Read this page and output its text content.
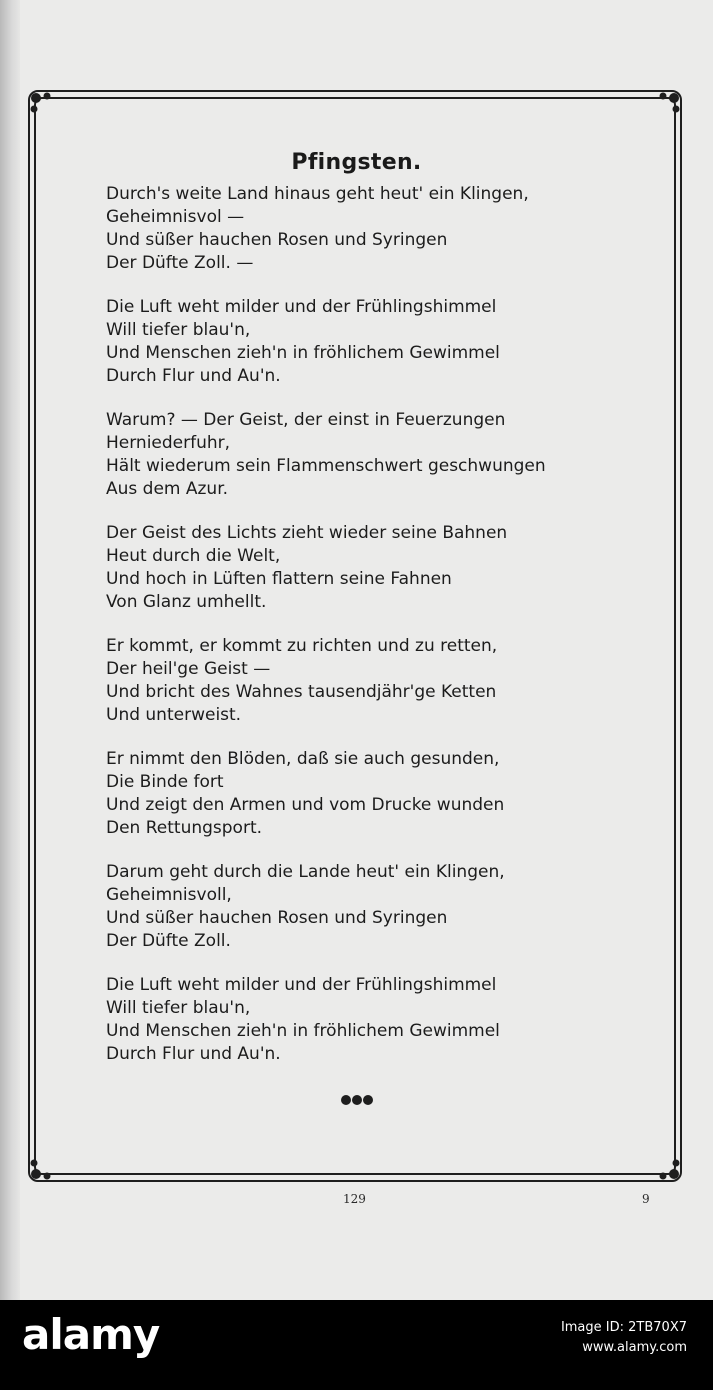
Pfingsten.
Durch's weite Land hinaus geht heut' ein Klingen,
Geheimnisvol —
Und süßer hauchen Rosen und Syringen
Der Düfte Zoll. —
Die Luft weht milder und der Frühlingshimmel
Will tiefer blau'n,
Und Menschen zieh'n in fröhlichem Gewimmel
Durch Flur und Au'n.
Warum? — Der Geist, der einst in Feuerzungen
Herniederfuhr,
Hält wiederum sein Flammenschwert geschwungen
Aus dem Azur.
Der Geist des Lichts zieht wieder seine Bahnen
Heut durch die Welt,
Und hoch in Lüften flattern seine Fahnen
Von Glanz umhellt.
Er kommt, er kommt zu richten und zu retten,
Der heil'ge Geist —
Und bricht des Wahnes tausendjähr'ge Ketten
Und unterweist.
Er nimmt den Blöden, daß sie auch gesunden,
Die Binde fort
Und zeigt den Armen und vom Drucke wunden
Den Rettungsport.
Darum geht durch die Lande heut' ein Klingen,
Geheimnisvoll,
Und süßer hauchen Rosen und Syringen
Der Düfte Zoll.
Die Luft weht milder und der Frühlingshimmel
Will tiefer blau'n,
Und Menschen zieh'n in fröhlichem Gewimmel
Durch Flur und Au'n.
129	9
alamy	Image ID: 2TB70X7
www.alamy.com
